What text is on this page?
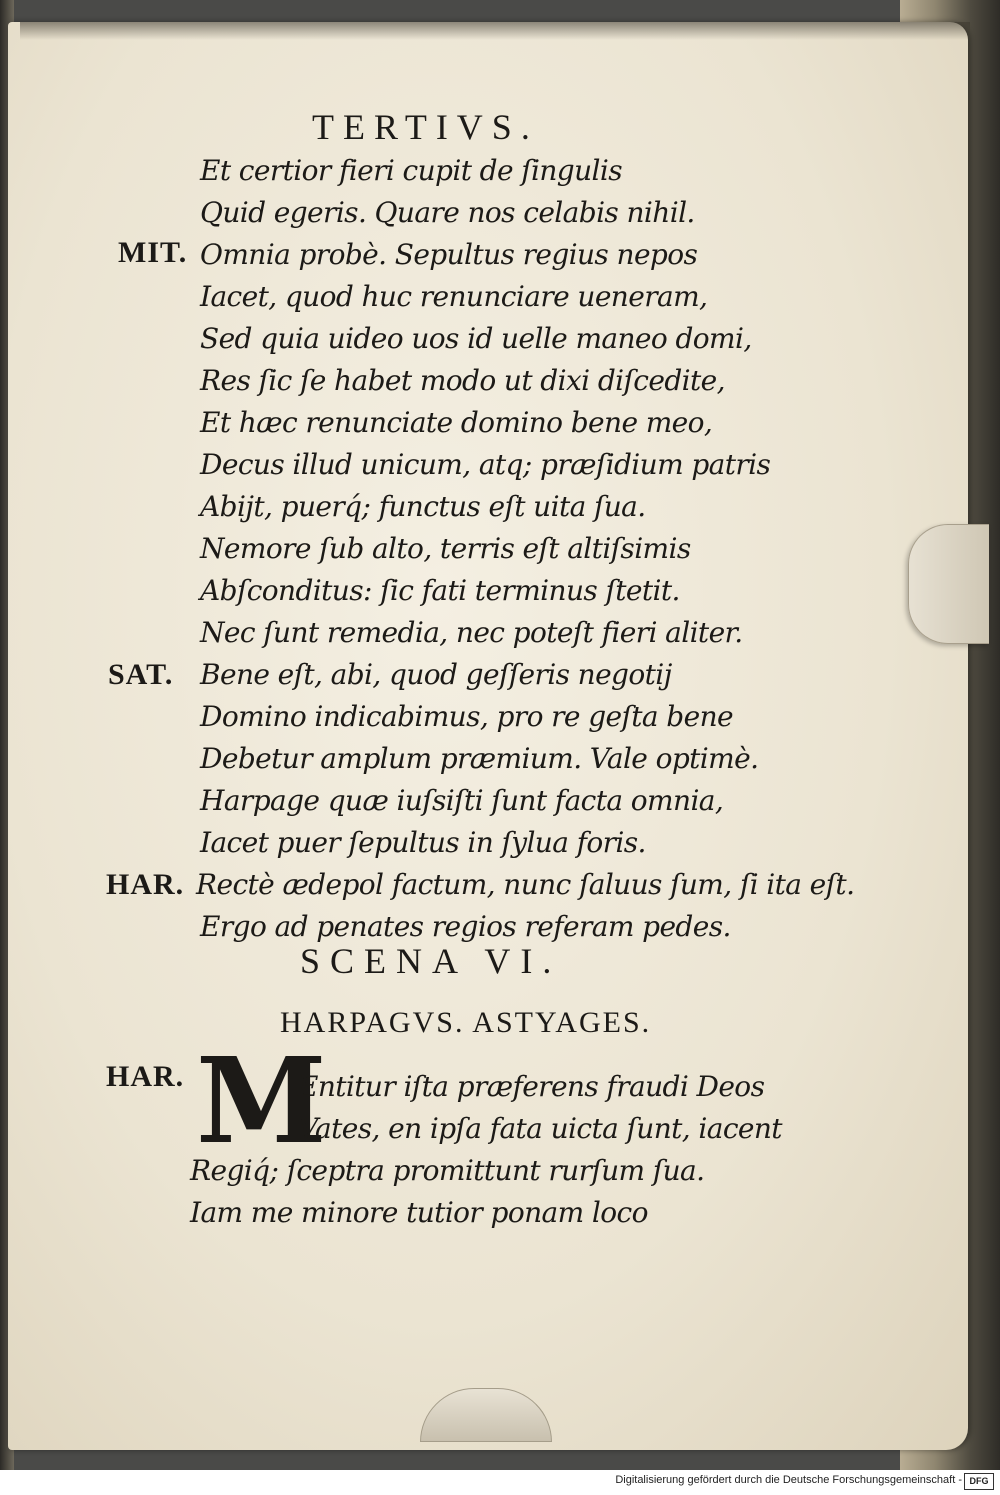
TERTIVS.
Et certior fieri cupit de ſingulis
Quid egeris. Quare nos celabis nihil.
MIT. Omnia probè. Sepultus regius nepos
Iacet, quod huc renunciare ueneram,
Sed quia uideo uos id uelle maneo domi,
Res ſic ſe habet modo ut dixi diſcedite,
Et hæc renunciate domino bene meo,
Decus illud unicum, atq; præſidium patris
Abijt, puerq́; functus eſt uita ſua.
Nemore ſub alto, terris eſt altiſsimis
Abſconditus: ſic fati terminus ſtetit.
Nec ſunt remedia, nec poteſt fieri aliter.
SAT. Bene eſt, abi, quod geſſeris negotij
Domino indicabimus, pro re geſta bene
Debetur amplum præmium. Vale optimè.
Harpage quæ iuſsiſti ſunt facta omnia,
Iacet puer ſepultus in ſylua foris.
HAR. Rectè ædepol factum, nunc ſaluus ſum, ſi ita eſt.
Ergo ad penates regios referam pedes.
SCENA VI.
HARPAGVS. ASTYAGES.
HAR. M
Entitur iſta præferens fraudi Deos
Vates, en ipſa fata uicta ſunt, iacent
Regiq́; ſceptra promittunt rurſum ſua.
Iam me minore tutior ponam loco
Digitalisierung gefördert durch die Deutsche Forschungsgemeinschaft - DFG
